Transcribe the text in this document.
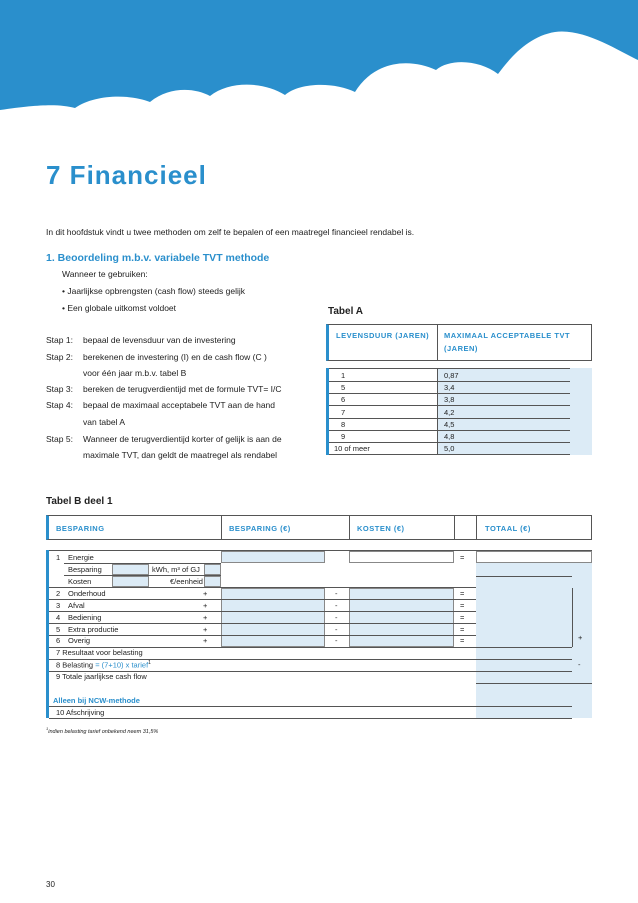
7 Financieel
In dit hoofdstuk vindt u twee methoden om zelf te bepalen of een maatregel financieel rendabel is.
1. Beoordeling m.b.v. variabele TVT methode
Wanneer te gebruiken:
• Jaarlijkse opbrengsten (cash flow) steeds gelijk
• Een globale uitkomst voldoet
Stap 1: bepaal de levensduur van de investering
Stap 2: berekenen de investering (I) en de cash flow (C )
voor één jaar m.b.v. tabel B
Stap 3: bereken de terugverdientijd met de formule TVT= I/C
Stap 4: bepaal de maximaal acceptabele TVT aan de hand
van tabel A
Stap 5: Wanneer de terugverdientijd korter of gelijk is aan de
maximale TVT, dan geldt de maatregel als rendabel
Tabel A
LEVENSDUUR (JAREN) MAXIMAAL ACCEPTABELE TVT
(JAREN)
1	0,87
5	3,4
6	3,8
7	4,2
8	4,5
9	4,8
10 of meer	5,0
Tabel B deel 1
BESPARING	BESPARING (€)	KOSTEN (€)	TOTAAL (€)
1 Energie	=
Besparing	kWh, m³ of GJ
Kosten	€/eenheid
2 Onderhoud	+	-	=
3 Afval	+	-	=
4 Bediening	+	-	=
5 Extra productie	+	-	=
6 Overig	+	-	=	+
7 Resultaat voor belasting
8 Belasting = (7+10) x tarief$^1$	-
9 Totale jaarlijkse cash flow
Alleen bij NCW-methode
10 Afschrijving
$^1$indien belasting tarief onbekend neem 31,5%
30
